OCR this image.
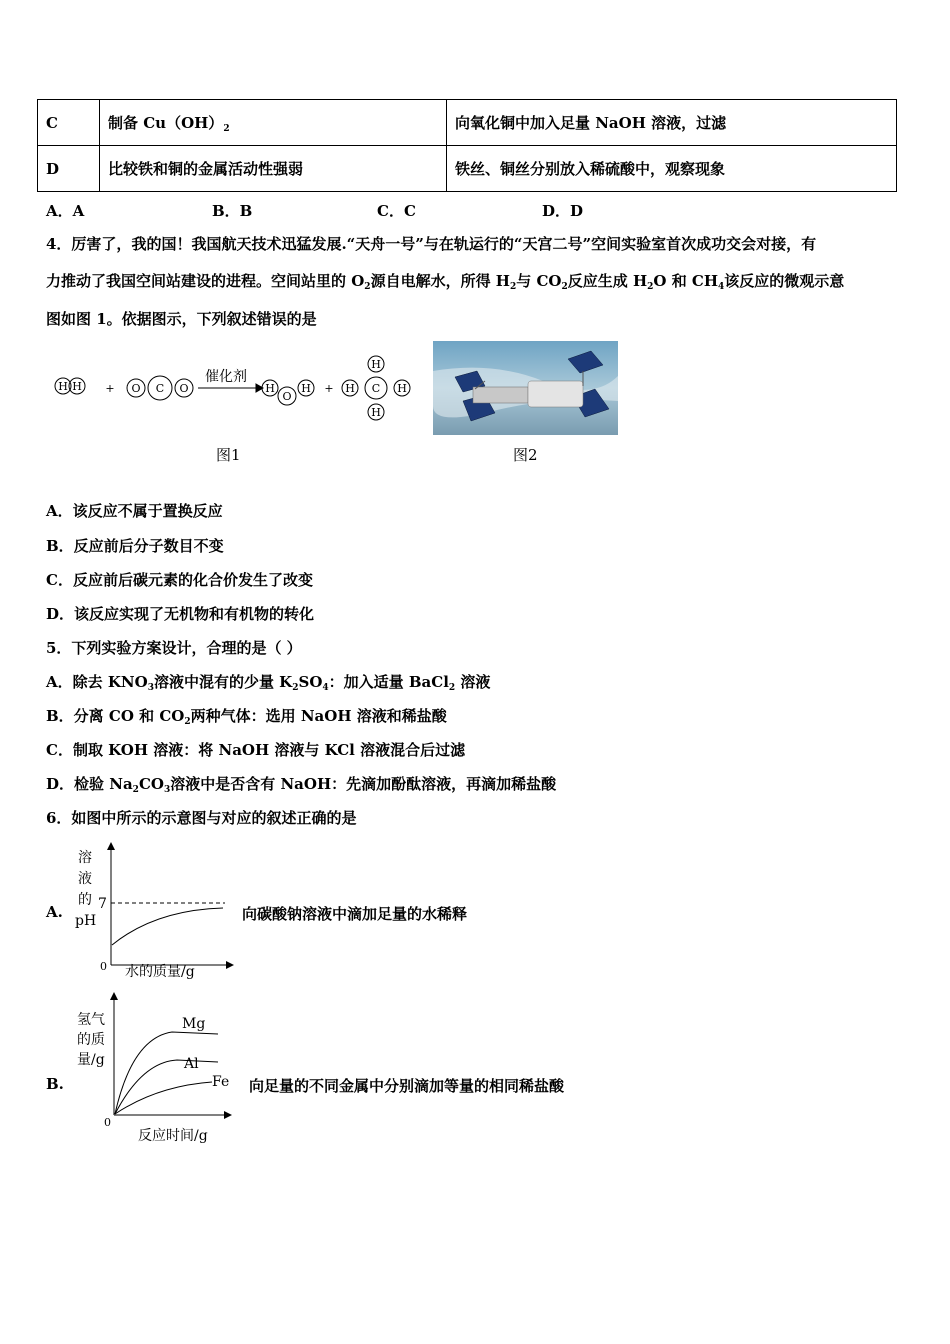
C	制备 $Cu(OH)_2$	向氧化铜中加入足量 NaOH 溶液，过滤
D	比较铁和铜的金属活动性强弱	铁丝、铜丝分别放入稀硫酸中，观察现象
A．A	B．B	C．C	D．D
4．厉害了，我的国！我国航天技术迅猛发展.“天舟一号”与在轨运行的“天宫二号”空间实验室首次成功交会对接，有
力推动了我国空间站建设的进程。空间站里的 $O_2$源自电解水，所得 $H_2$与 $CO_2$反应生成 $H_2O$ 和 $CH_4$该反应的微观示意
图如图 1。依据图示，下列叙述错误的是
H H + O C O	H
O
H +
H
H C H
H
催化剂
图1	图2
A．该反应不属于置换反应
B．反应前后分子数目不变
C．反应前后碳元素的化合价发生了改变
D．该反应实现了无机物和有机物的转化
5．下列实验方案设计，合理的是（ ）
A．除去 $KNO_3$溶液中混有的少量 $K_2SO_4$：加入适量 BaCl$_2$ 溶液
B．分离 CO 和 $CO_2$两种气体：选用 NaOH 溶液和稀盐酸
C．制取 KOH 溶液：将 NaOH 溶液与 KCl 溶液混合后过滤
D．检验 $Na_2CO_3$溶液中是否含有 NaOH：先滴加酚酞溶液，再滴加稀盐酸
6．如图中所示的示意图与对应的叙述正确的是
A.
溶
液
的
pH
7
0 水的质量/g
向碳酸钠溶液中滴加足量的水稀释
B.
氢气
的质
量/g
Mg
Al
Fe
0
反应时间/g
向足量的不同金属中分别滴加等量的相同稀盐酸
